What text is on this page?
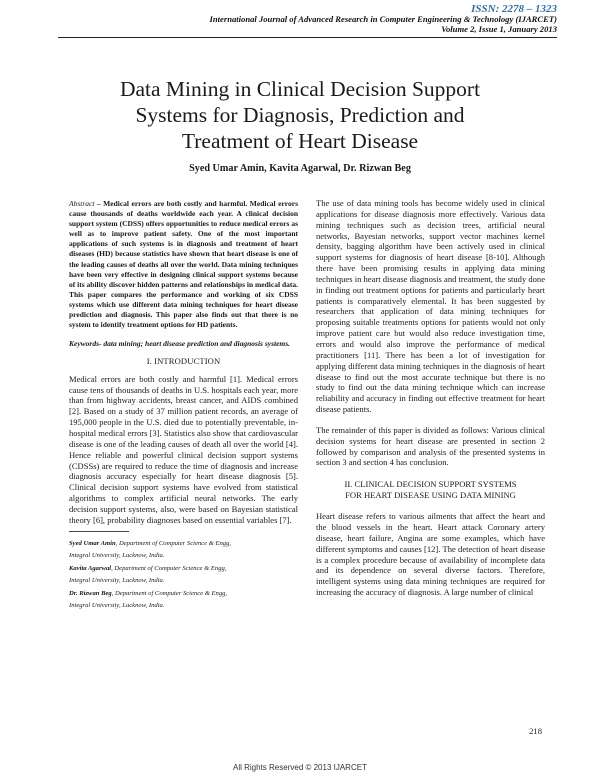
ISSN: 2278 – 1323
International Journal of Advanced Research in Computer Engineering & Technology (IJARCET)
Volume 2, Issue 1, January 2013
Data Mining in Clinical Decision Support
Systems for Diagnosis, Prediction and
Treatment of Heart Disease
Syed Umar Amin, Kavita Agarwal, Dr. Rizwan Beg
Abstract – Medical errors are both costly and harmful. Medical errors cause thousands of deaths worldwide each year. A clinical decision support system (CDSS) offers opportunities to reduce medical errors as well as to improve patient safety. One of the most important applications of such systems is in diagnosis and treatment of heart diseases (HD) because statistics have shown that heart disease is one of the leading causes of deaths all over the world. Data mining techniques have been very effective in designing clinical support systems because of its ability discover hidden patterns and relationships in medical data. This paper compares the performance and working of six CDSS systems which use different data mining techniques for heart disease prediction and diagnosis. This paper also finds out that there is no system to identify treatment options for HD patients.
Keywords- data mining; heart disease prediction and diagnosis systems.
I. INTRODUCTION

Medical errors are both costly and harmful [1]. Medical errors cause tens of thousands of deaths in U.S. hospitals each year, more than from highway accidents, breast cancer, and AIDS combined [2]. Based on a study of 37 million patient records, an average of 195,000 people in the U.S. died due to potentially preventable, in-hospital medical errors [3]. Statistics also show that cardiovascular disease is one of the leading causes of death all over the world [4]. Hence reliable and powerful clinical decision support systems (CDSSs) are required to reduce the time of diagnosis and increase diagnosis accuracy especially for heart disease diagnosis [5]. Clinical decision support systems have evolved from statistical algorithms to complex artificial neural networks. The early decision support systems, also, were based on Bayesian statistical theory [6], probability diagnoses based on essential variables [7].

Syed Umar Amin, Department of Computer Science & Engg,
Integral University, Lucknow, India.
Kavita Agarwal, Department of Computer Science & Engg,
Integral University, Lucknow, India.
Dr. Rizwan Beg, Department of Computer Science & Engg,
Integral University, Lucknow, India.

The use of data mining tools has become widely used in clinical applications for disease diagnosis more effectively. Various data mining techniques such as decision trees, artificial neural networks, Bayesian networks, support vector machines kernel density, bagging algorithm have been actively used in clinical support systems for diagnosis of heart disease [8-10]. Although there have been promising results in applying data mining techniques in heart disease diagnosis and treatment, the study done in finding out treatment options for patients and particularly heart patients is comparatively elemental. It has been suggested by researchers that application of data mining techniques for proposing suitable treatments options for patients would not only improve patient care but would also reduce investigation time, errors and would also improve the performance of medical practitioners [11]. There has been a lot of investigation for applying different data mining techniques in the diagnosis of heart disease to find out the most accurate technique but there is no study to find out the data mining technique which can increase reliability and accuracy in finding out effective treatment for heart disease patients.

The remainder of this paper is divided as follows: Various clinical decision systems for heart disease are presented in section 2 followed by comparison and analysis of the presented systems in section 3 and section 4 has conclusion.

II. CLINICAL DECISION SUPPORT SYSTEMS
FOR HEART DISEASE USING DATA MINING

Heart disease refers to various ailments that affect the heart and the blood vessels in the heart. Heart attack Coronary artery disease, heart failure, Angina are some examples, which have different symptoms and causes [12]. The detection of heart disease is a complex procedure because of availability of incomplete data and its dependence on several diverse factors. Therefore, intelligent systems using data mining techniques are required for increasing the accuracy of diagnosis. A large number of clinical

218
All Rights Reserved © 2013 IJARCET
